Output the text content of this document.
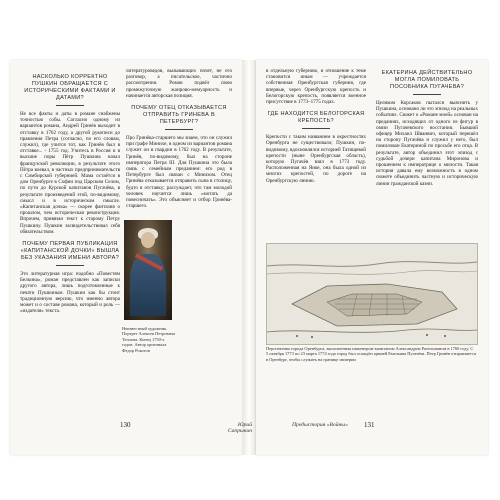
НАСКОЛЬКО КОРРЕКТНО ПУШКИН ОБРАЩАЕТСЯ С ИСТОРИЧЕСКИМИ ФАКТАМИ И ДАТАМИ?

Не все факты и даты в романе снабжены точностью собы. Согласно одному из вариантов романа, Андрей Гринёв выходит в отставку в 1762 году, а другой рукописи до правления Петра (согласно, по его словам, служил), где учится тот, как Гринёв был в отставке... - 1755 год. Учитесь в Россия и в высшие поры Пётр Пушкина начал французской революции, в результате этого Пётра воевал, в частных предпринимательств с Симбирской губернией. Мама остаётся в дом Оренбурге в Софии под Царским Селом, по пути до Курской капитанов Пугачёва, в результате произведений этой, по-видимому, смысл и в историческом смысле. «Капитанская дочка» — скорее фантазия о прошлом, чем историческая реконструкция. Впрочем, привязан текст к старому Петру Пушкину. Пушкин засвидетельствовал себя обязательством.

ПОЧЕМУ ПЕРВАЯ ПУБЛИКАЦИЯ «КАПИТАНСКОЙ ДОЧКИ» ВЫШЛА БЕЗ УКАЗАНИЯ ИМЕНИ АВТОРА?

Это литературная игра: подобно «Повестям Белкина», роман представлен как записки другого автора, лишь подготовленные к печати Пушкиным. Пушкин как бы стоит традиционную версию, что именно автора может и о составе романа, который и роль — «издателя» текста.

литературоведов, вызывающих почет, не его разговор, а писательское, частично рассмотрении. Роман подвёл свою промежуточную жанрово-мемуарность и начинается авторская позиция.

ПОЧЕМУ ОТЕЦ ОТКАЗЫВАЕТСЯ ОТПРАВИТЬ ГРИНЕВА В ПЕТЕРБУРГ?

Про Гринёва-старшего мы знаем, что он служил при графе Минихе, в одном из вариантов романа служит он в гвардии в 1762 году. В результате, Гринёв, по-видимому, был на стороне императора Петра III. Для Пушкина это была связь с семейным преданием: его род в Петербурге был связан с Минихом. Отец Гринёва отказывается отправить сына в столицу, будто в отставку; рассуждает, что там молодой человек научится лишь «мотать да повесничать». Это объясняет и отбор Гринёва-старшего.

в отдельную губернию, и отношение к теме становится иным — учреждается собственная Оренбургская губерния, где впервые, через Оренбургскую крепость и Белогорскую крепость, появляется военное присутствие в 1773–1775 годах.

ГДЕ НАХОДИТСЯ БЕЛОГОРСКАЯ КРЕПОСТЬ?

Крепости с таким названием в окрестностях Оренбурга не существовало; Пушкин, по-видимому, вдохновлялся историей Татищевой крепости (ныне Оренбургская область), которую Пугачёв взял в 1773 году. Расположенная на Яике, она была одной из многих крепостей, по дороге на Оренбургскую линию.

ЕКАТЕРИНА ДЕЙСТВИТЕЛЬНО МОГЛА ПОМИЛОВАТЬ ПОСОБНИКА ПУГАЧЕВА?

Целиком Корсаков пытался выяснить у Пушкина, основано ли это эпизод на реальных событиях. Сюжет о «Романе моей» основан на преданиях, исходящих от одного из фигур в связи Пугачевского восстания. Бывший офицер Михаил Шванвич, который перешёл на сторону Пугачёва и служил у него, был помилован Екатериной по просьбе его отца. В результате, автор объединил этот эпизод с судьбой дочери капитана Миронова и прошением к императрице о милости. Такая история давала ему возможность в одном сюжете объединить частную и историческую линии гражданской казни.

Неизвестный художник. Портрет Алексея Петровича Теплова. Конец 1750-х годов. Автор оригинала Федор Рокотов	Перспектива города Оренбурга, выполненная инженером-капитаном Александром Ригельманом в 1760 году. С 5 октября 1773 по 23 марта 1774 года город был осаждён армией Емельяна Пугачёва. Петр Гринёв отправляется в Оренбург, чтобы служить на границе империи
Юрий Сапрыкин
130	Предыстория «Войны»	131
